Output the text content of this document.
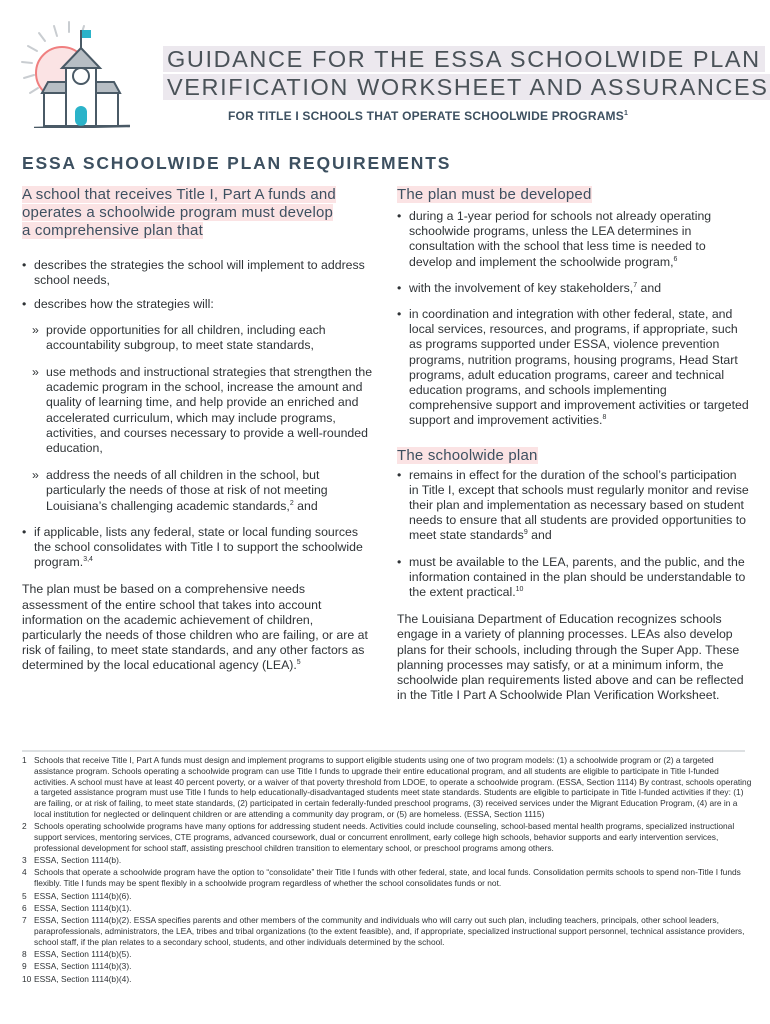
GUIDANCE FOR THE ESSA SCHOOLWIDE PLAN
VERIFICATION WORKSHEET AND ASSURANCES
FOR TITLE I SCHOOLS THAT OPERATE SCHOOLWIDE PROGRAMS$^1$
ESSA SCHOOLWIDE PLAN REQUIREMENTS
A school that receives Title I, Part A funds and
operates a schoolwide program must develop
a comprehensive plan that
• describes the strategies the school will implement to address school needs,
• describes how the strategies will:
» provide opportunities for all children, including each accountability subgroup, to meet state standards,
» use methods and instructional strategies that strengthen the academic program in the school, increase the amount and quality of learning time, and help provide an enriched and accelerated curriculum, which may include programs, activities, and courses necessary to provide a well-rounded education,
» address the needs of all children in the school, but particularly the needs of those at risk of not meeting Louisiana’s challenging academic standards,$^2$ and
• if applicable, lists any federal, state or local funding sources the school consolidates with Title I to support the schoolwide program.$^{3,4}$
The plan must be based on a comprehensive needs assessment of the entire school that takes into account information on the academic achievement of children, particularly the needs of those children who are failing, or are at risk of failing, to meet state standards, and any other factors as determined by the local educational agency (LEA).$^5$
The plan must be developed
• during a 1-year period for schools not already operating schoolwide programs, unless the LEA determines in consultation with the school that less time is needed to develop and implement the schoolwide program,$^6$
• with the involvement of key stakeholders,$^7$ and
• in coordination and integration with other federal, state, and local services, resources, and programs, if appropriate, such as programs supported under ESSA, violence prevention programs, nutrition programs, housing programs, Head Start programs, adult education programs, career and technical education programs, and schools implementing comprehensive support and improvement activities or targeted support and improvement activities.$^8$
The schoolwide plan
• remains in effect for the duration of the school’s participation in Title I, except that schools must regularly monitor and revise their plan and implementation as necessary based on student needs to ensure that all students are provided opportunities to meet state standards$^9$ and
• must be available to the LEA, parents, and the public, and the information contained in the plan should be understandable to the extent practical.$^{10}$
The Louisiana Department of Education recognizes schools engage in a variety of planning processes. LEAs also develop plans for their schools, including through the Super App. These planning processes may satisfy, or at a minimum inform, the schoolwide plan requirements listed above and can be reflected in the Title I Part A Schoolwide Plan Verification Worksheet.
1 Schools that receive Title I, Part A funds must design and implement programs to support eligible students using one of two program models: (1) a schoolwide program or (2) a targeted assistance program. Schools operating a schoolwide program can use Title I funds to upgrade their entire educational program, and all students are eligible to participate in Title I-funded activities. A school must have at least 40 percent poverty, or a waiver of that poverty threshold from LDOE, to operate a schoolwide program. (ESSA, Section 1114) By contrast, schools operating a targeted assistance program must use Title I funds to help educationally-disadvantaged students meet state standards. Students are eligible to participate in Title I-funded activities if they: (1) are failing, or at risk of failing, to meet state standards, (2) participated in certain federally-funded preschool programs, (3) received services under the Migrant Education Program, (4) are in a local institution for neglected or delinquent children or are attending a community day program, or (5) are homeless. (ESSA, Section 1115)
2 Schools operating schoolwide programs have many options for addressing student needs. Activities could include counseling, school-based mental health programs, specialized instructional support services, mentoring services, CTE programs, advanced coursework, dual or concurrent enrollment, early college high schools, behavior supports and early intervention services, professional development for school staff, assisting preschool children transition to elementary school, or preschool programs among others.
3 ESSA, Section 1114(b).
4 Schools that operate a schoolwide program have the option to “consolidate” their Title I funds with other federal, state, and local funds. Consolidation permits schools to spend non-Title I funds flexibly. Title I funds may be spent flexibly in a schoolwide program regardless of whether the school consolidates funds or not.
5 ESSA, Section 1114(b)(6).
6 ESSA, Section 1114(b)(1).
7 ESSA, Section 1114(b)(2). ESSA specifies parents and other members of the community and individuals who will carry out such plan, including teachers, principals, other school leaders, paraprofessionals, administrators, the LEA, tribes and tribal organizations (to the extent feasible), and, if appropriate, specialized instructional support personnel, technical assistance providers, school staff, if the plan relates to a secondary school, students, and other individuals determined by the school.
8 ESSA, Section 1114(b)(5).
9 ESSA, Section 1114(b)(3).
10 ESSA, Section 1114(b)(4).
